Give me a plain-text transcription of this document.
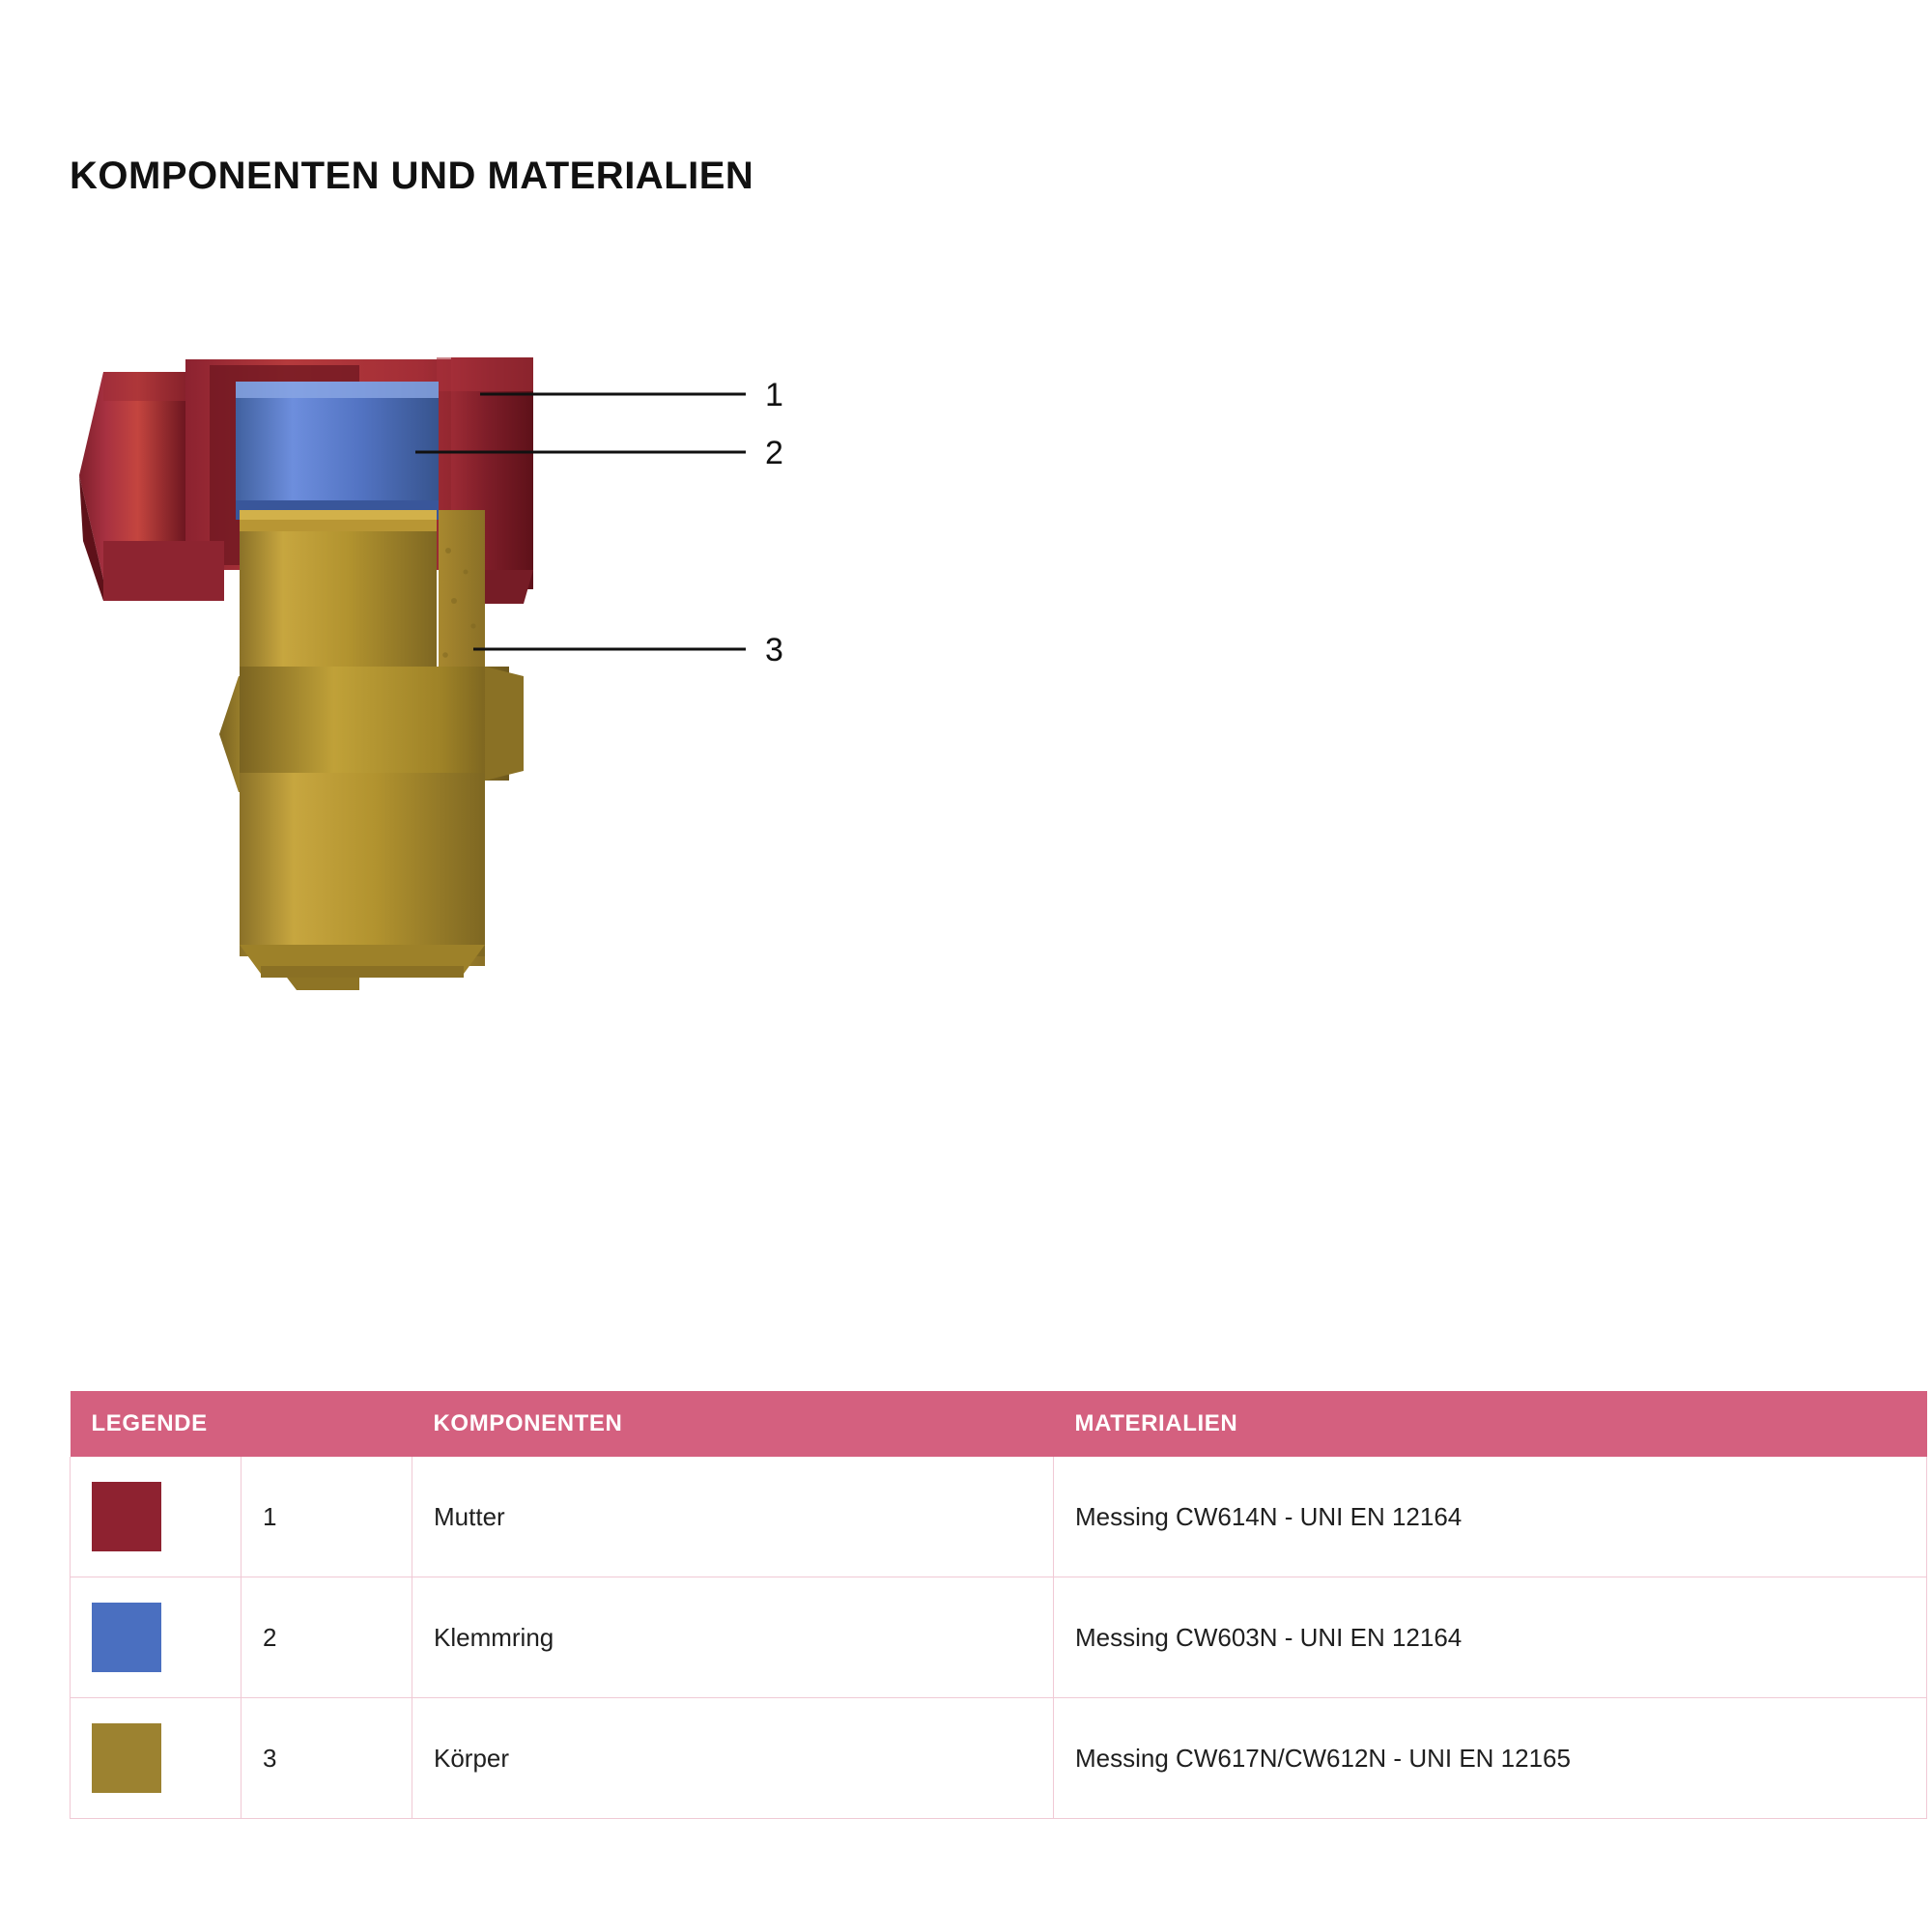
KOMPONENTEN UND MATERIALIEN
1
2
3
LEGENDE		KOMPONENTEN	MATERIALIEN

	1	Mutter	Messing CW614N - UNI EN 12164

	2	Klemmring	Messing CW603N - UNI EN 12164

	3	Körper	Messing CW617N/CW612N - UNI EN 12165
